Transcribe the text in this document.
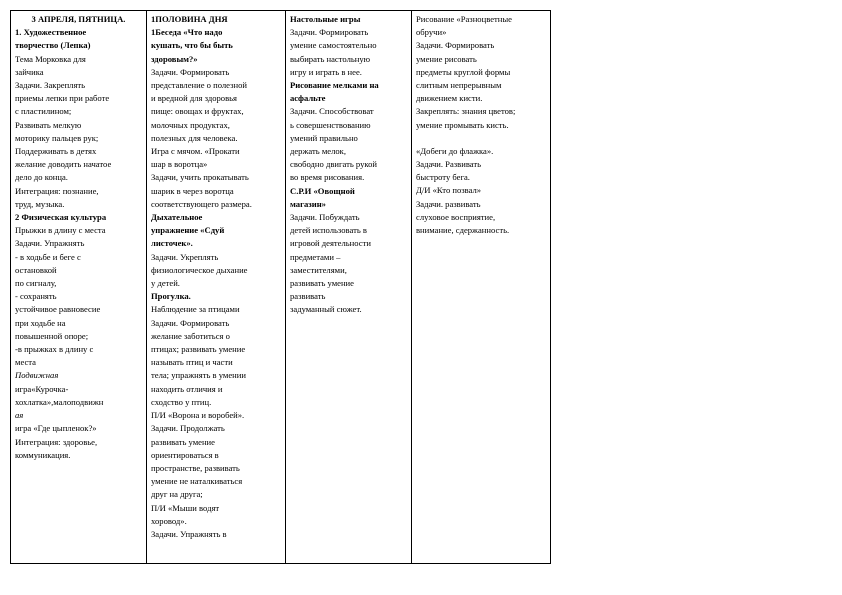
3 АПРЕЛЯ, ПЯТНИЦА.
1. Художественное
творчество (Лепка)
Тема Морковка для
зайчика
Задачи. Закреплять
приемы лепки при работе
с пластилином;
Развивать мелкую
моторику пальцев рук;
Поддерживать в детях
желание доводить начатое
дело до конца.
Интеграция: познание,
труд, музыка.
2 Физическая культура
Прыжки в длину с места
Задачи. Упражнять
- в ходьбе и беге с
остановкой
по сигналу,
- сохранять
устойчивое равновесие
при ходьбе на
повышенной опоре;
-в прыжках в длину с
места
Подвижная
игра«Курочка-
хохлатка»,малоподвижн
ая
игра «Где цыпленок?»
Интеграция: здоровье,
коммуникация.

1ПОЛОВИНА ДНЯ
1Беседа «Что надо
кушать, что бы быть
здоровым?»
Задачи. Формировать
представление о полезной
и вредной для здоровья
пище: овощах и фруктах,
молочных продуктах,
полезных для человека.
Игра с мячом. «Прокати
шар в воротца»
Задачи, учить прокатывать
шарик в через воротца
соответствующего размера.
Дыхательное
упражнение «Сдуй
листочек».
Задачи. Укреплять
физиологическое дыхание
у детей.
Прогулка.
Наблюдение за птицами
Задачи. Формировать
желание заботиться о
птицах; развивать умение
называть птиц и части
тела; упражнять в умении
находить отличия и
сходство у птиц.
П/И «Ворона и воробей».
Задачи. Продолжать
развивать умение
ориентироваться в
пространстве, развивать
умение не наталкиваться
друг на друга;
П/И «Мыши водят
хоровод».
Задачи. Упражнять в

Настольные игры
Задачи. Формировать
умение самостоятельно
выбирать настольную
игру и играть в нее.
Рисование мелками на
асфальте
Задачи. Способствоват
ь совершенствованию
умений правильно
держать мелок,
свободно двигать рукой
во время рисования.
С.Р.И «Овощной
магазин»
Задачи. Побуждать
детей использовать в
игровой деятельности
предметами –
заместителями,
развивать умение
развивать
задуманный сюжет.

Рисование «Разноцветные
обручи»
Задачи. Формировать
умение рисовать
предметы круглой формы
слитным непрерывным
движением кисти.
Закреплять: знания цветов;
умение промывать кисть.
«Добеги до флажка».
Задачи. Развивать
быстроту бега.
Д/И «Кто позвал»
Задачи. развивать
слуховое восприятие,
внимание, сдержанность.
